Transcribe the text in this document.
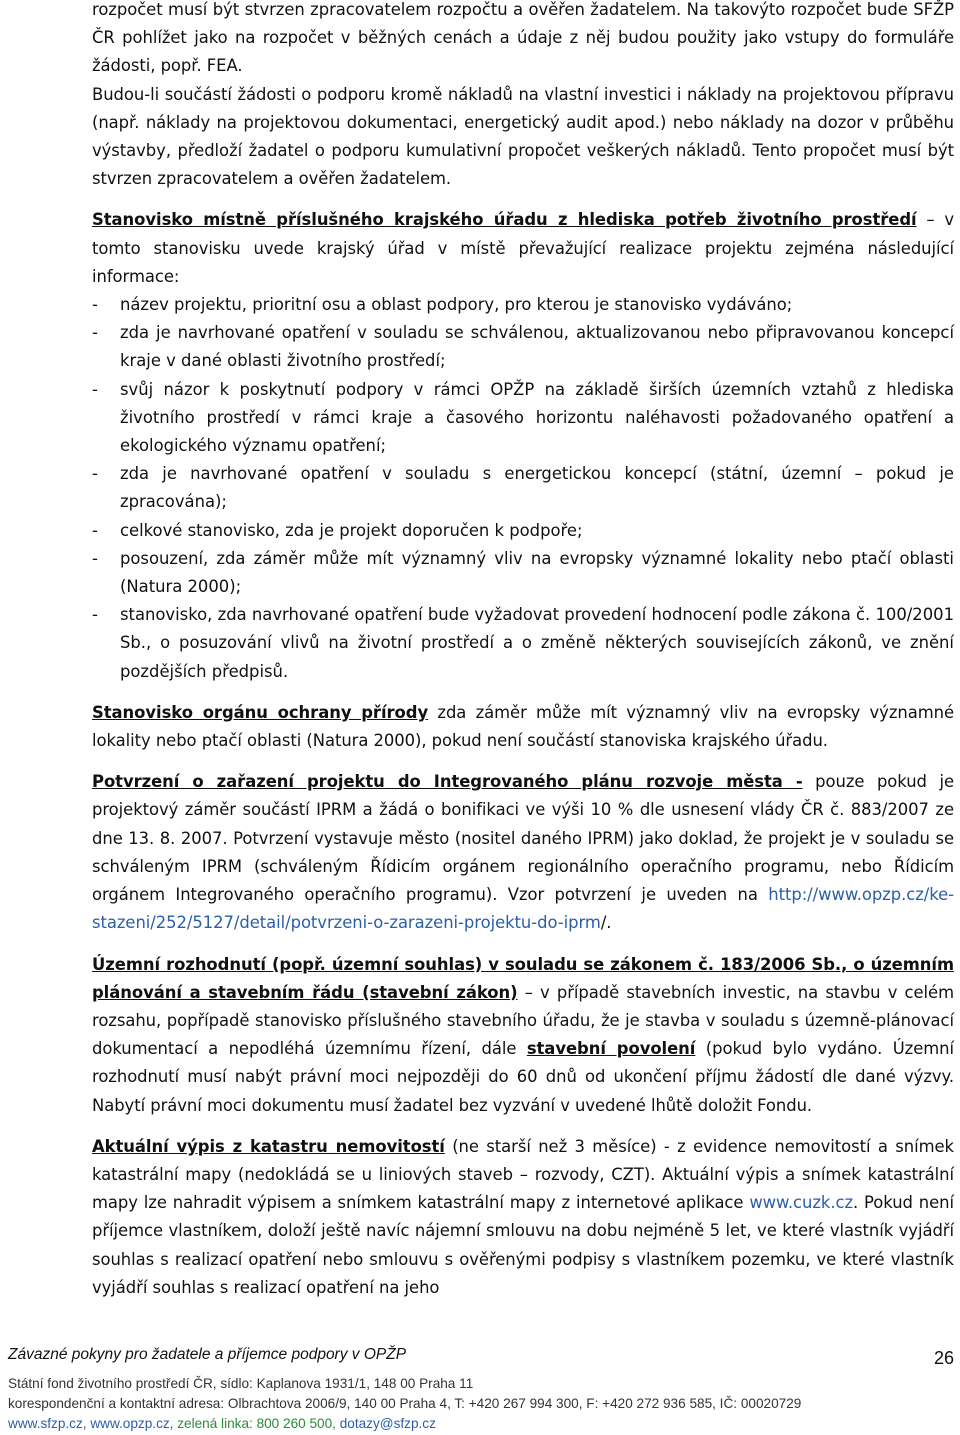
rozpočet musí být stvrzen zpracovatelem rozpočtu a ověřen žadatelem. Na takovýto rozpočet bude SFŽP ČR pohlížet jako na rozpočet v běžných cenách a údaje z něj budou použity jako vstupy do formuláře žádosti, popř. FEA.

Budou-li součástí žádosti o podporu kromě nákladů na vlastní investici i náklady na projektovou přípravu (např. náklady na projektovou dokumentaci, energetický audit apod.) nebo náklady na dozor v průběhu výstavby, předloží žadatel o podporu kumulativní propočet veškerých nákladů. Tento propočet musí být stvrzen zpracovatelem a ověřen žadatelem.

Stanovisko místně příslušného krajského úřadu z hlediska potřeb životního prostředí – v tomto stanovisku uvede krajský úřad v místě převažující realizace projektu zejména následující informace:

- název projektu, prioritní osu a oblast podpory, pro kterou je stanovisko vydáváno;
- zda je navrhované opatření v souladu se schválenou, aktualizovanou nebo připravovanou koncepcí kraje v dané oblasti životního prostředí;
- svůj názor k poskytnutí podpory v rámci OPŽP na základě širších územních vztahů z hlediska životního prostředí v rámci kraje a časového horizontu naléhavosti požadovaného opatření a ekologického významu opatření;
- zda je navrhované opatření v souladu s energetickou koncepcí (státní, územní – pokud je zpracována);
- celkové stanovisko, zda je projekt doporučen k podpoře;
- posouzení, zda záměr může mít významný vliv na evropsky významné lokality nebo ptačí oblasti (Natura 2000);
- stanovisko, zda navrhované opatření bude vyžadovat provedení hodnocení podle zákona č. 100/2001 Sb., o posuzování vlivů na životní prostředí a o změně některých souvisejících zákonů, ve znění pozdějších předpisů.

Stanovisko orgánu ochrany přírody zda záměr může mít významný vliv na evropsky významné lokality nebo ptačí oblasti (Natura 2000), pokud není součástí stanoviska krajského úřadu.

Potvrzení o zařazení projektu do Integrovaného plánu rozvoje města - pouze pokud je projektový záměr součástí IPRM a žádá o bonifikaci ve výši 10 % dle usnesení vlády ČR č. 883/2007 ze dne 13. 8. 2007. Potvrzení vystavuje město (nositel daného IPRM) jako doklad, že projekt je v souladu se schváleným IPRM (schváleným Řídicím orgánem regionálního operačního programu, nebo Řídicím orgánem Integrovaného operačního programu). Vzor potvrzení je uveden na http://www.opzp.cz/ke-stazeni/252/5127/detail/potvrzeni-o-zarazeni-projektu-do-iprm/.

Územní rozhodnutí (popř. územní souhlas) v souladu se zákonem č. 183/2006 Sb., o územním plánování a stavebním řádu (stavební zákon) – v případě stavebních investic, na stavbu v celém rozsahu, popřípadě stanovisko příslušného stavebního úřadu, že je stavba v souladu s územně-plánovací dokumentací a nepodléhá územnímu řízení, dále stavební povolení (pokud bylo vydáno. Územní rozhodnutí musí nabýt právní moci nejpozději do 60 dnů od ukončení příjmu žádostí dle dané výzvy. Nabytí právní moci dokumentu musí žadatel bez vyzvání v uvedené lhůtě doložit Fondu.

Aktuální výpis z katastru nemovitostí (ne starší než 3 měsíce) - z evidence nemovitostí a snímek katastrální mapy (nedokládá se u liniových staveb – rozvody, CZT). Aktuální výpis a snímek katastrální mapy lze nahradit výpisem a snímkem katastrální mapy z internetové aplikace www.cuzk.cz. Pokud není příjemce vlastníkem, doloží ještě navíc nájemní smlouvu na dobu nejméně 5 let, ve které vlastník vyjádří souhlas s realizací opatření nebo smlouvu s ověřenými podpisy s vlastníkem pozemku, ve které vlastník vyjádří souhlas s realizací opatření na jeho

Závazné pokyny pro žadatele a příjemce podpory v OPŽP	26
Státní fond životního prostředí ČR, sídlo: Kaplanova 1931/1, 148 00 Praha 11
korespondenční a kontaktní adresa: Olbrachtova 2006/9, 140 00 Praha 4, T: +420 267 994 300, F: +420 272 936 585, IČ: 00020729
www.sfzp.cz, www.opzp.cz, zelená linka: 800 260 500, dotazy@sfzp.cz
